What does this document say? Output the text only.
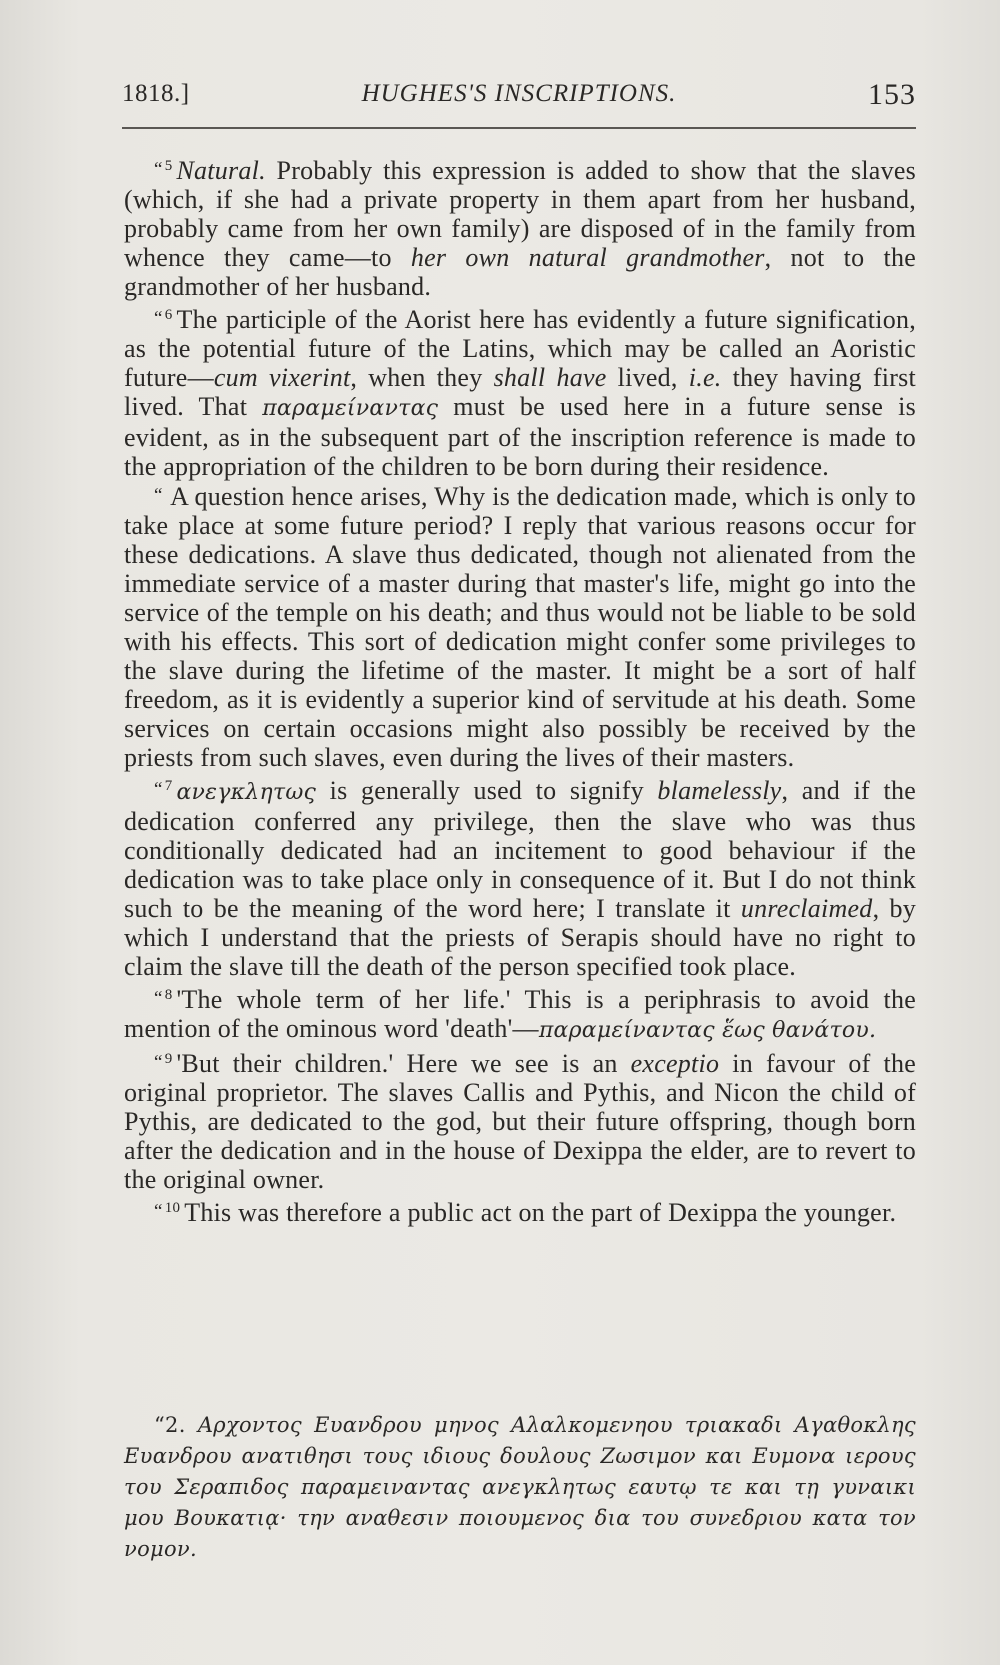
1818.]	HUGHES'S INSCRIPTIONS.	153

“ $^5$ Natural. Probably this expression is added to show that the slaves (which, if she had a private property in them apart from her husband, probably came from her own family) are disposed of in the family from whence they came—to her own natural grandmother, not to the grandmother of her husband.

“ $^6$ The participle of the Aorist here has evidently a future signification, as the potential future of the Latins, which may be called an Aoristic future—cum vixerint, when they shall have lived, i.e. they having first lived. That παραμείναντας must be used here in a future sense is evident, as in the subsequent part of the inscription reference is made to the appropriation of the children to be born during their residence.

“ A question hence arises, Why is the dedication made, which is only to take place at some future period? I reply that various reasons occur for these dedications. A slave thus dedicated, though not alienated from the immediate service of a master during that master's life, might go into the service of the temple on his death; and thus would not be liable to be sold with his effects. This sort of dedication might confer some privileges to the slave during the lifetime of the master. It might be a sort of half freedom, as it is evidently a superior kind of servitude at his death. Some services on certain occasions might also possibly be received by the priests from such slaves, even during the lives of their masters.

“ $^7$ ανεγκλητως is generally used to signify blamelessly, and if the dedication conferred any privilege, then the slave who was thus conditionally dedicated had an incitement to good behaviour if the dedication was to take place only in consequence of it. But I do not think such to be the meaning of the word here; I translate it unreclaimed, by which I understand that the priests of Serapis should have no right to claim the slave till the death of the person specified took place.

“ $^8$ 'The whole term of her life.' This is a periphrasis to avoid the mention of the ominous word 'death'—παραμείναντας ἕως θανάτου.

“ $^9$ 'But their children.' Here we see is an exceptio in favour of the original proprietor. The slaves Callis and Pythis, and Nicon the child of Pythis, are dedicated to the god, but their future offspring, though born after the dedication and in the house of Dexippa the elder, are to revert to the original owner.

“ $^{10}$ This was therefore a public act on the part of Dexippa the younger.

“2. Αρχοντος Ευανδρου μηνος Αλαλκομενηου τριακαδι Αγαθοκλης Ευανδρου ανατιθησι τους ιδιους δουλους Ζωσιμον και Ευμονα ιερους του Σεραπιδος παραμειναντας ανεγκλητως εαυτῳ τε και τῃ γυναικι μου Βουκατιᾳ· την αναθεσιν ποιουμενος δια του συνεδριου κατα τον νομον.
